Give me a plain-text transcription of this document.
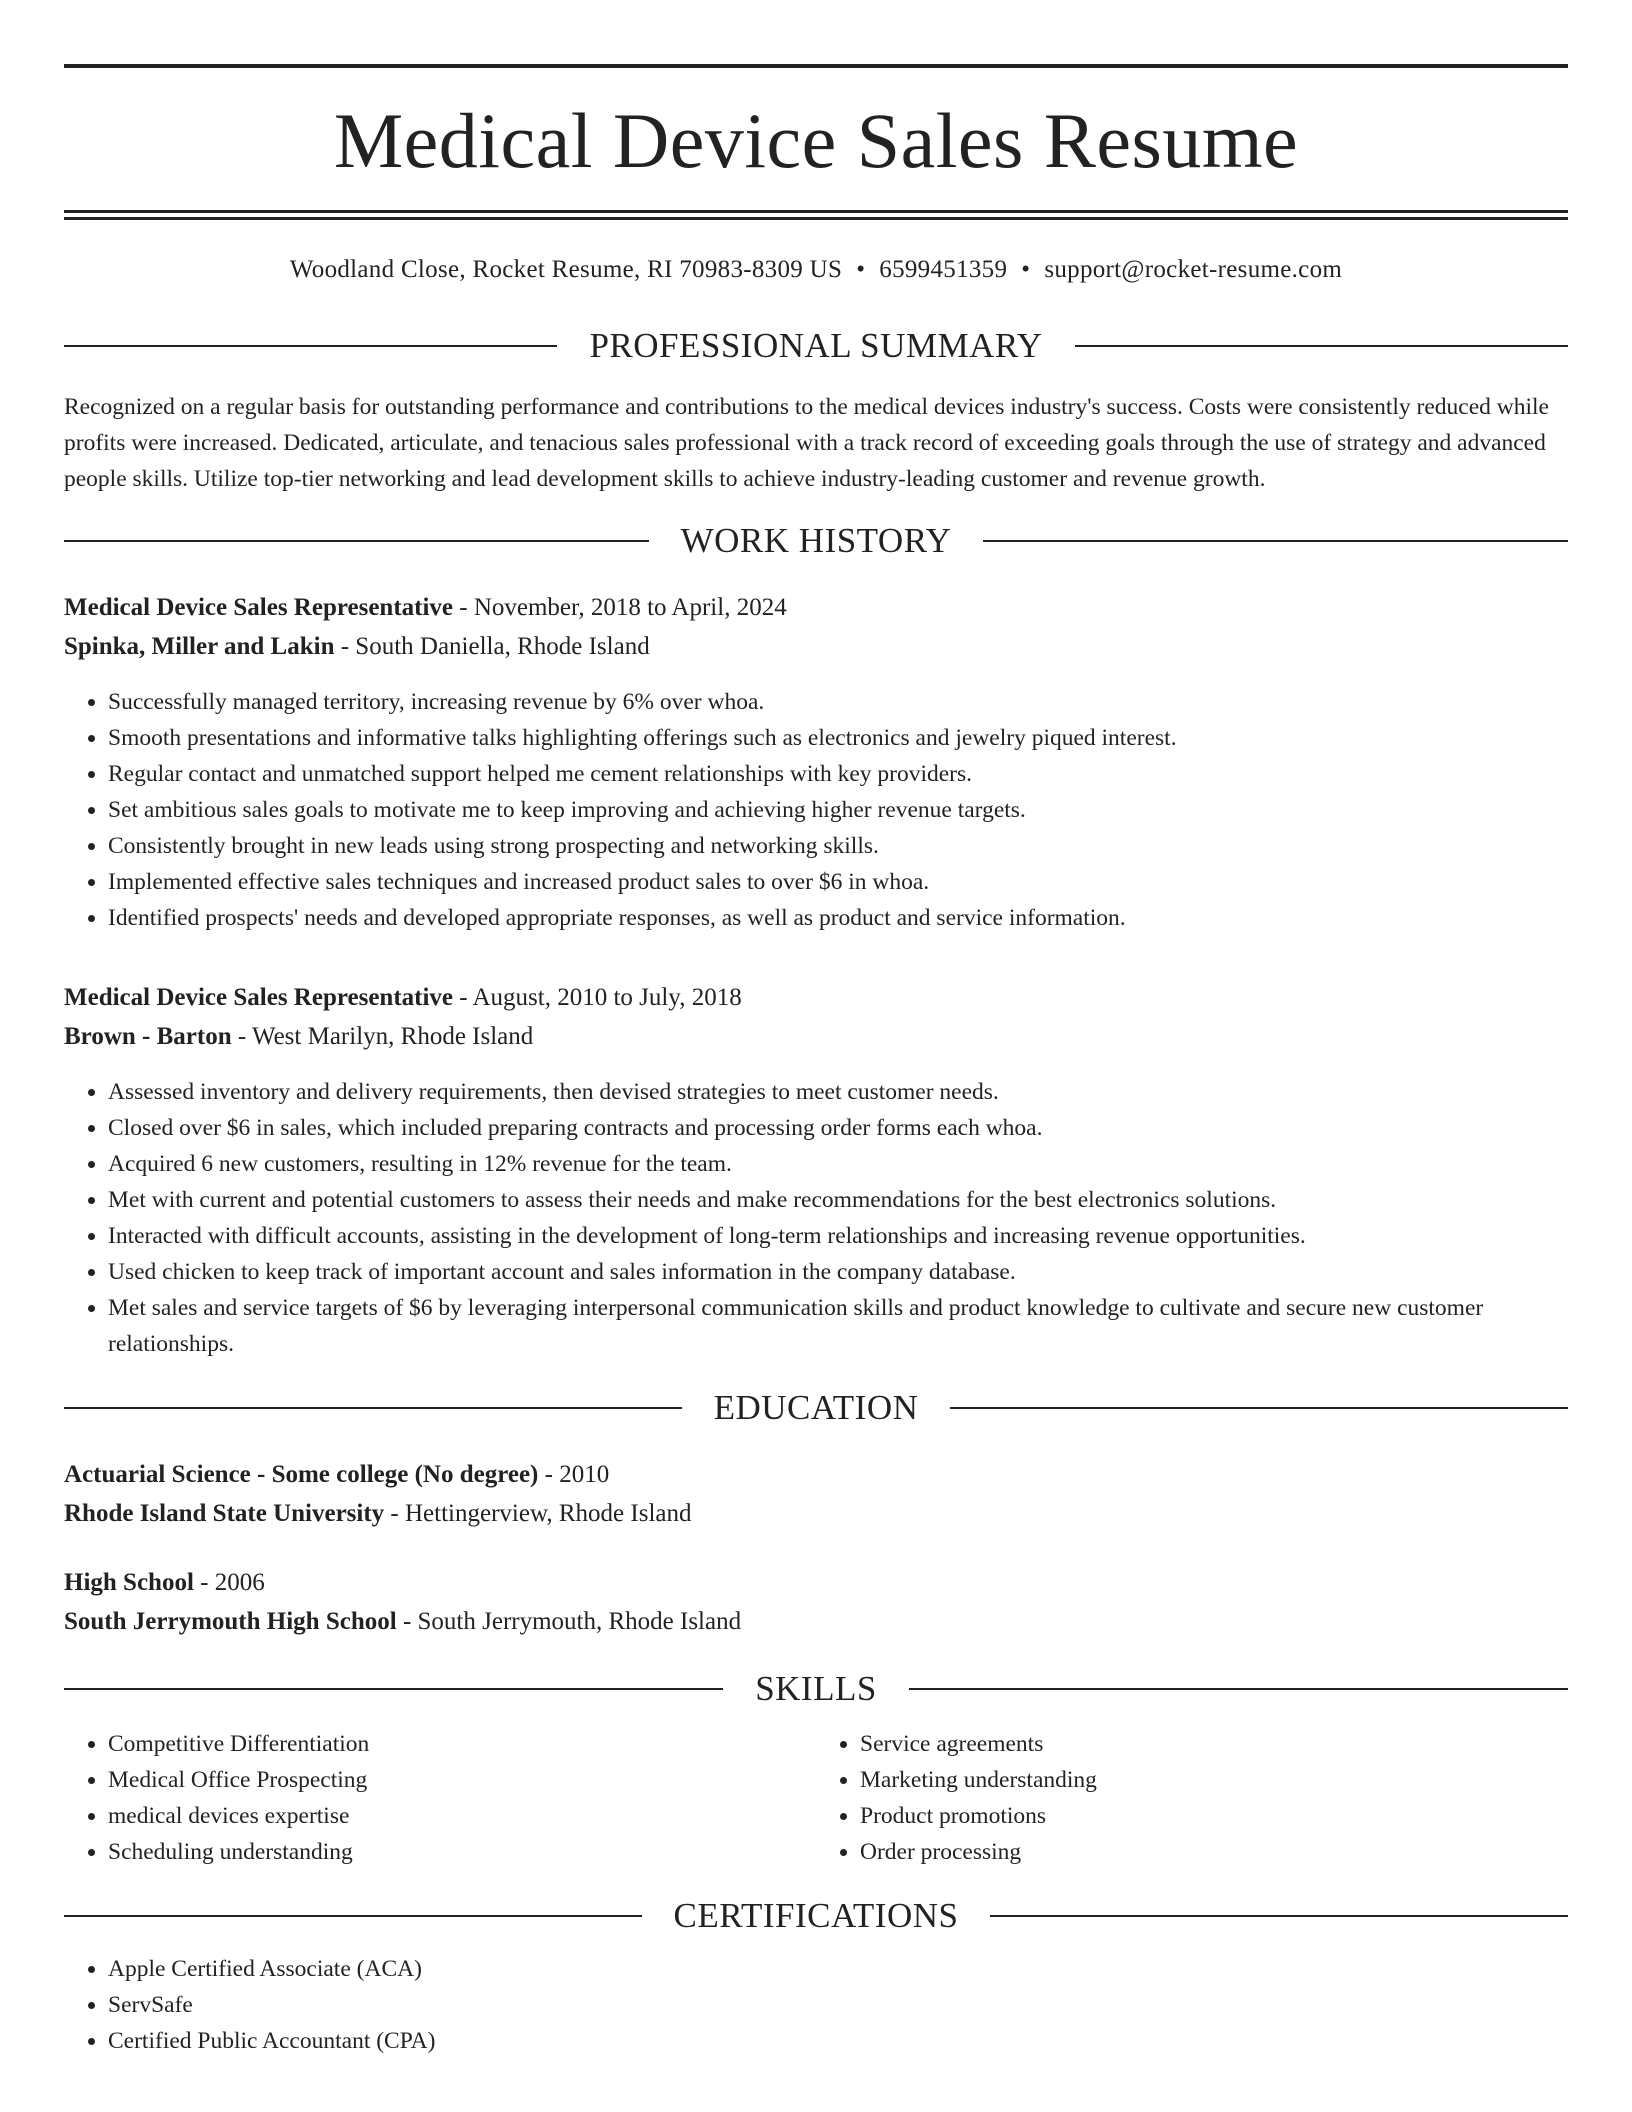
Medical Device Sales Resume
Woodland Close, Rocket Resume, RI 70983-8309 US • 6599451359 • support@rocket-resume.com
PROFESSIONAL SUMMARY
Recognized on a regular basis for outstanding performance and contributions to the medical devices industry's success. Costs were consistently reduced while profits were increased. Dedicated, articulate, and tenacious sales professional with a track record of exceeding goals through the use of strategy and advanced people skills. Utilize top-tier networking and lead development skills to achieve industry-leading customer and revenue growth.
WORK HISTORY
Medical Device Sales Representative - November, 2018 to April, 2024
Spinka, Miller and Lakin - South Daniella, Rhode Island
• Successfully managed territory, increasing revenue by 6% over whoa.
• Smooth presentations and informative talks highlighting offerings such as electronics and jewelry piqued interest.
• Regular contact and unmatched support helped me cement relationships with key providers.
• Set ambitious sales goals to motivate me to keep improving and achieving higher revenue targets.
• Consistently brought in new leads using strong prospecting and networking skills.
• Implemented effective sales techniques and increased product sales to over $6 in whoa.
• Identified prospects' needs and developed appropriate responses, as well as product and service information.
Medical Device Sales Representative - August, 2010 to July, 2018
Brown - Barton - West Marilyn, Rhode Island
• Assessed inventory and delivery requirements, then devised strategies to meet customer needs.
• Closed over $6 in sales, which included preparing contracts and processing order forms each whoa.
• Acquired 6 new customers, resulting in 12% revenue for the team.
• Met with current and potential customers to assess their needs and make recommendations for the best electronics solutions.
• Interacted with difficult accounts, assisting in the development of long-term relationships and increasing revenue opportunities.
• Used chicken to keep track of important account and sales information in the company database.
• Met sales and service targets of $6 by leveraging interpersonal communication skills and product knowledge to cultivate and secure new customer relationships.
EDUCATION
Actuarial Science - Some college (No degree) - 2010
Rhode Island State University - Hettingerview, Rhode Island
High School - 2006
South Jerrymouth High School - South Jerrymouth, Rhode Island
SKILLS
• Competitive Differentiation
• Medical Office Prospecting
• medical devices expertise
• Scheduling understanding
• Service agreements
• Marketing understanding
• Product promotions
• Order processing
CERTIFICATIONS
• Apple Certified Associate (ACA)
• ServSafe
• Certified Public Accountant (CPA)
